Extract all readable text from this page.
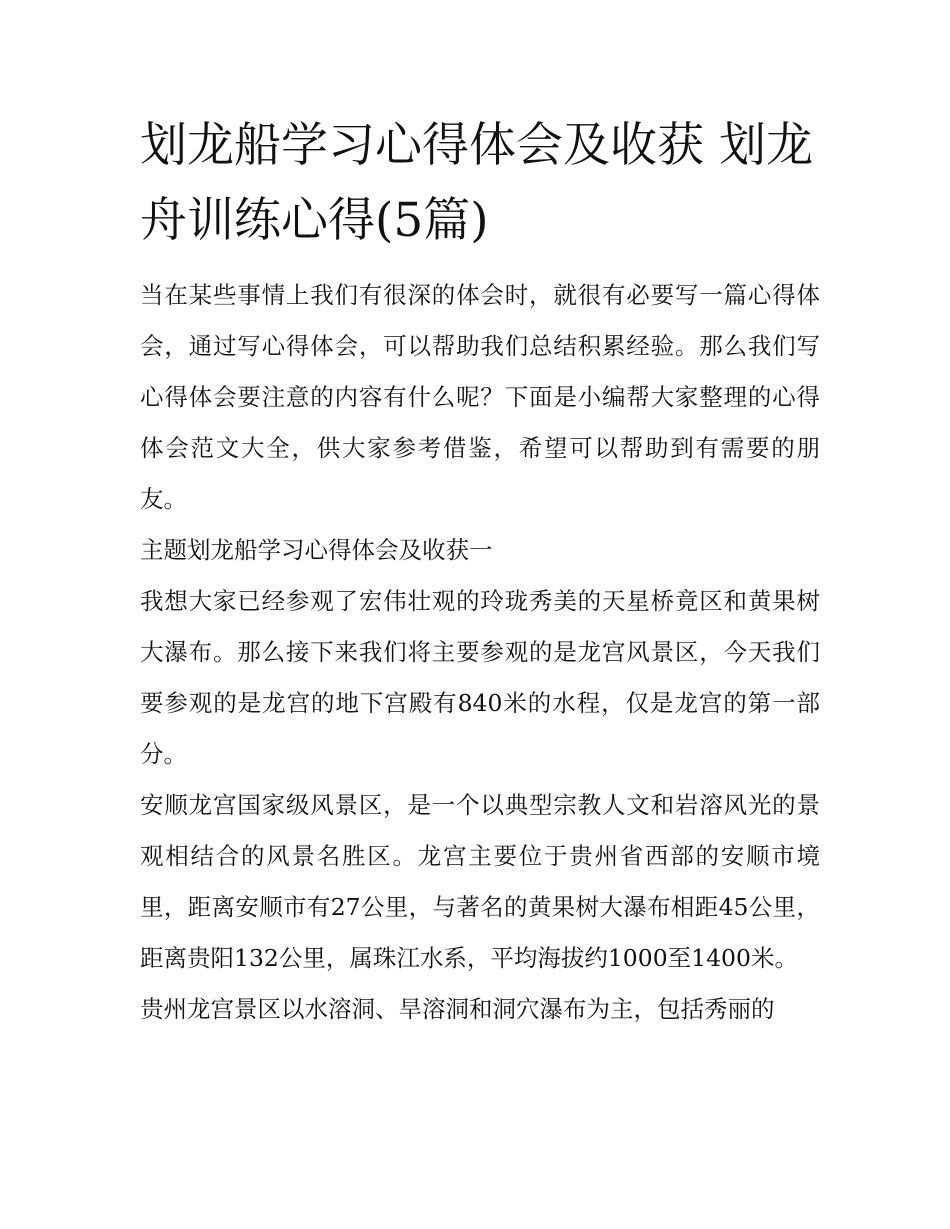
划龙船学习心得体会及收获 划龙舟训练心得(5篇)

当在某些事情上我们有很深的体会时，就很有必要写一篇心得体会，通过写心得体会，可以帮助我们总结积累经验。那么我们写心得体会要注意的内容有什么呢？下面是小编帮大家整理的心得体会范文大全，供大家参考借鉴，希望可以帮助到有需要的朋友。

主题划龙船学习心得体会及收获一

我想大家已经参观了宏伟壮观的玲珑秀美的天星桥竟区和黄果树大瀑布。那么接下来我们将主要参观的是龙宫风景区，今天我们要参观的是龙宫的地下宫殿有840米的水程，仅是龙宫的第一部分。

安顺龙宫国家级风景区，是一个以典型宗教人文和岩溶风光的景观相结合的风景名胜区。龙宫主要位于贵州省西部的安顺市境里，距离安顺市有27公里，与著名的黄果树大瀑布相距45公里，距离贵阳132公里，属珠江水系，平均海拔约1000至1400米。

贵州龙宫景区以水溶洞、旱溶洞和洞穴瀑布为主，包括秀丽的
